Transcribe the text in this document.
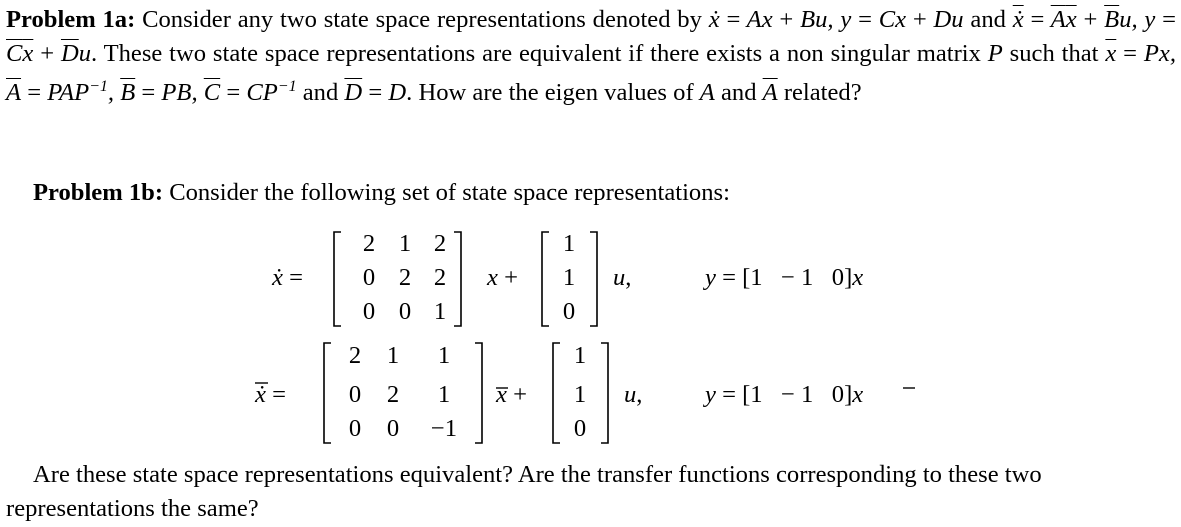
Problem 1a: Consider any two state space representations denoted by ẋ = Ax + Bu, y = Cx + Du and $\overline{ẋ} = \overline{A}\overline{x} + \overline{B}u$, $y = \overline{C}\overline{x} + \overline{D}u$. These two state space representations are equivalent if there exists a non singular matrix P such that $\overline{x} = Px$, $\overline{A} = PAP^{-1}$, $\overline{B}$ = PB, $\overline{C} = CP^{-1}$ and $\overline{D} = D$. How are the eigen values of A and $\overline{A}$ related?
Problem 1b: Consider the following set of state space representations:
ẋ =
2 1 2
0 2 2
0 0 1
x +
1
1
0
u,	y = [1   − 1   0]x
ẋ =
2 1 1
0 2 1
0 0 −1
x +
1
1
0
u,	y = [1   − 1   0]x
Are these state space representations equivalent? Are the transfer functions corresponding to these two
representations the same?
